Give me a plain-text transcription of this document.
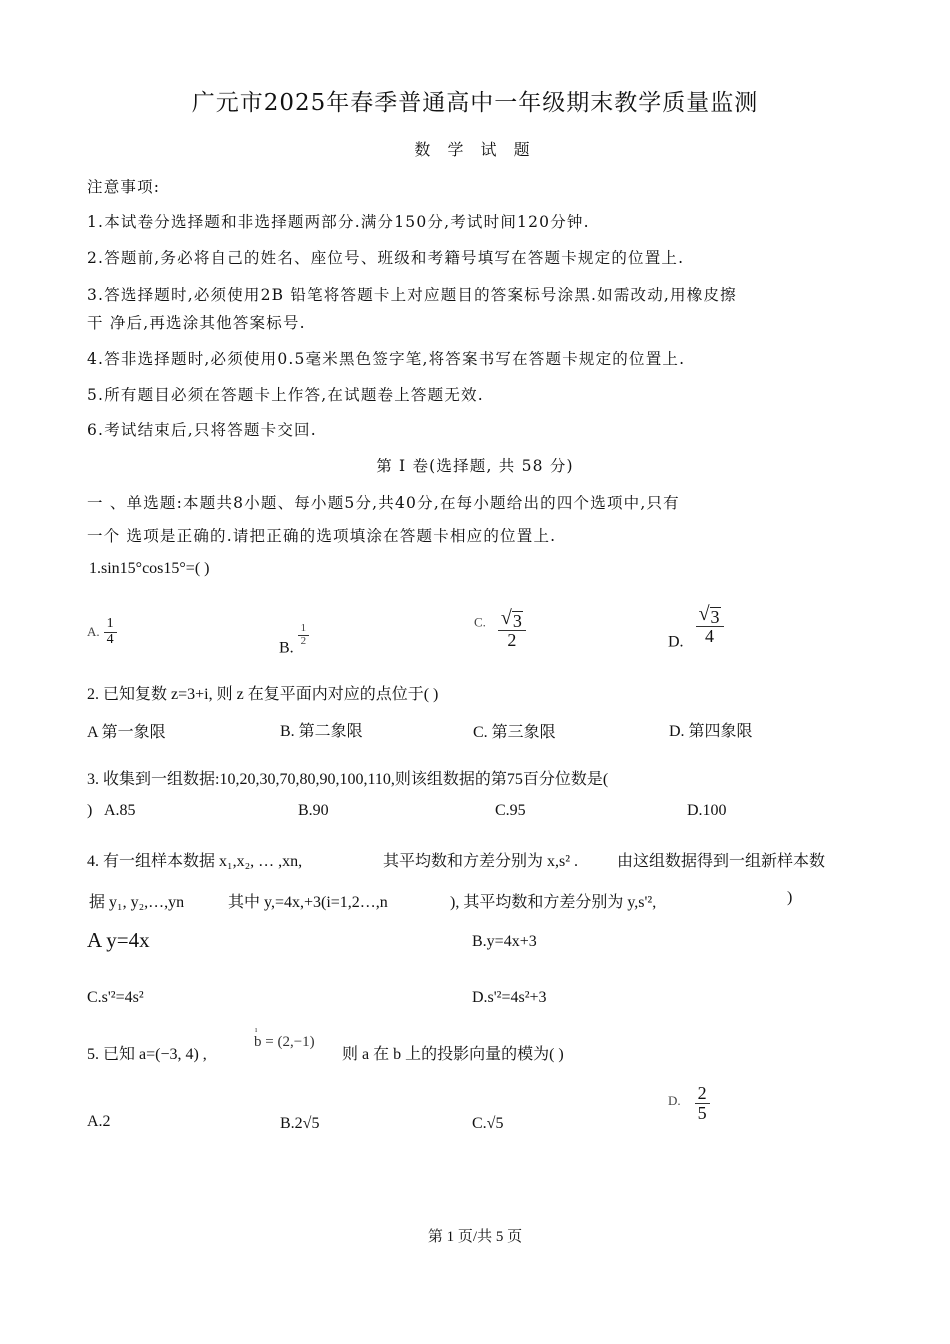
广元市2025年春季普通高中一年级期末教学质量监测
数 学 试 题
注意事项:
1.本试卷分选择题和非选择题两部分.满分150分,考试时间120分钟.
2.答题前,务必将自己的姓名、座位号、班级和考籍号填写在答题卡规定的位置上.
3.答选择题时,必须使用2B 铅笔将答题卡上对应题目的答案标号涂黑.如需改动,用橡皮擦
干 净后,再选涂其他答案标号.
4.答非选择题时,必须使用0.5毫米黑色签字笔,将答案书写在答题卡规定的位置上.
5.所有题目必须在答题卡上作答,在试题卷上答题无效.
6.考试结束后,只将答题卡交回.
第 I 卷(选择题, 共 58 分)
一 、单选题:本题共8小题、每小题5分,共40分,在每小题给出的四个选项中,只有
一个 选项是正确的.请把正确的选项填涂在答题卡相应的位置上.
1.sin15°cos15°=( )
A. $\frac{1}{4}$
B.
$\frac{1}{2}$
$^{C.} \frac{√ 3}{2}$	D. $\frac{√ 3}{4}$
2. 已知复数 z=3+i, 则 z 在复平面内对应的点位于( )
A 第一象限	B. 第二象限	C. 第三象限	D. 第四象限
3. 收集到一组数据:10,20,30,70,80,90,100,110,则该组数据的第75百分位数是(
) A.85	B.90	C.95	D.100
4. 有一组样本数据 x₁,x₂, … ,xn,	其平均数和方差分别为 x,s² . 由这组数据得到一组新样本数
据 y₁, y₂,…,yn	其中 y,=4x,+3(i=1,2…,n	), 其平均数和方差分别为 y,s'²,	)
A y=4x	B.y=4x+3
C.s'²=4s²	D.s'²=4s²+3
5. 已知 a=(−3, 4) ,
ı
b = (2,−1)
则 a 在 b 上的投影向量的模为( )
A.2	B.2√5	C.√5
D. $\frac{2}{5}$
第 1 页/共 5 页
